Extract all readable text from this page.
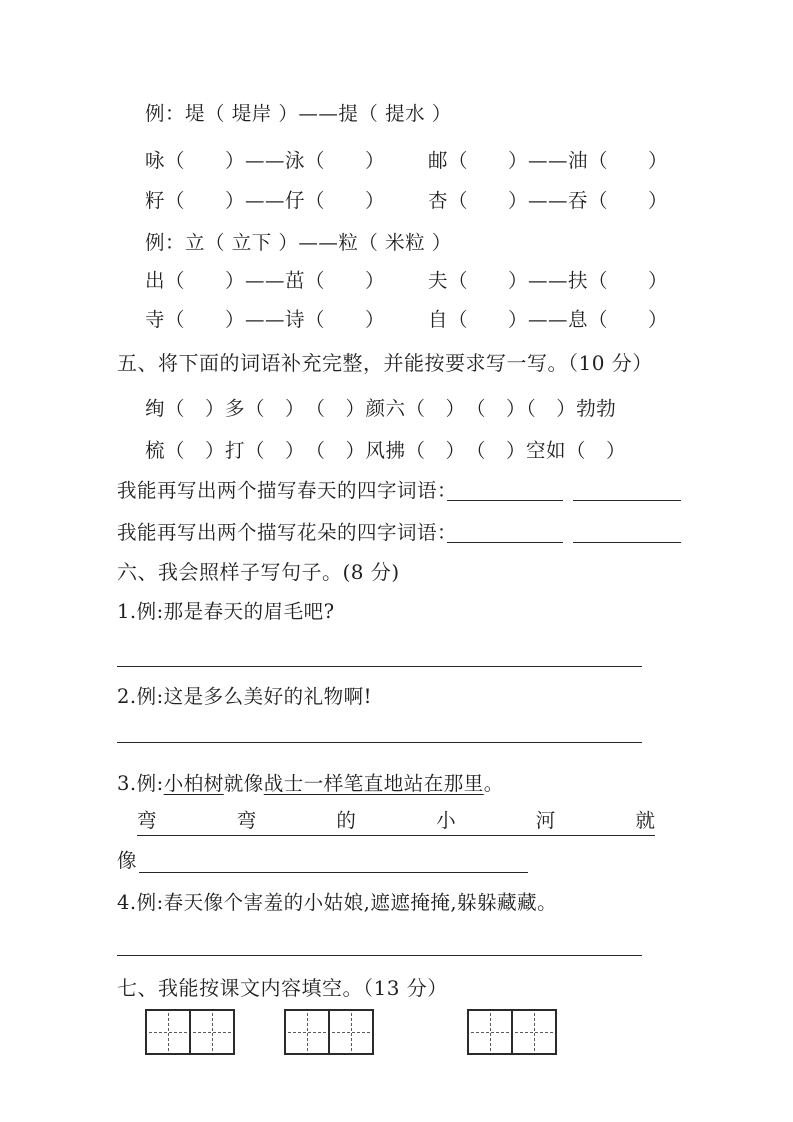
例：堤（ 堤岸 ）——提（ 提水 ）
咏（　　）——泳（　　） 邮（　　）——油（　　）
籽（　　）——仔（　　） 杏（　　）——吞（　　）
例：立（ 立下 ）——粒（ 米粒 ）
出（　　）——茁（　　） 夫（　　）——扶（　　）
寺（　　）——诗（　　） 自（　　）——息（　　）
五、将下面的词语补充完整，并能按要求写一写。（10 分）
绚（　）多（　）　（　）颜六（　）　（　）（　）勃勃
梳（　）打（　）　（　）风拂（　）　（　）空如（　）
我能再写出两个描写春天的四字词语：
我能再写出两个描写花朵的四字词语：
六、我会照样子写句子。(8 分)
1.例:那是春天的眉毛吧?
2.例:这是多么美好的礼物啊!
3.例:小柏树就像战士一样笔直地站在那里。
弯	弯	的	小	河	就
像
4.例:春天像个害羞的小姑娘,遮遮掩掩,躲躲藏藏。
七、我能按课文内容填空。（13 分）
